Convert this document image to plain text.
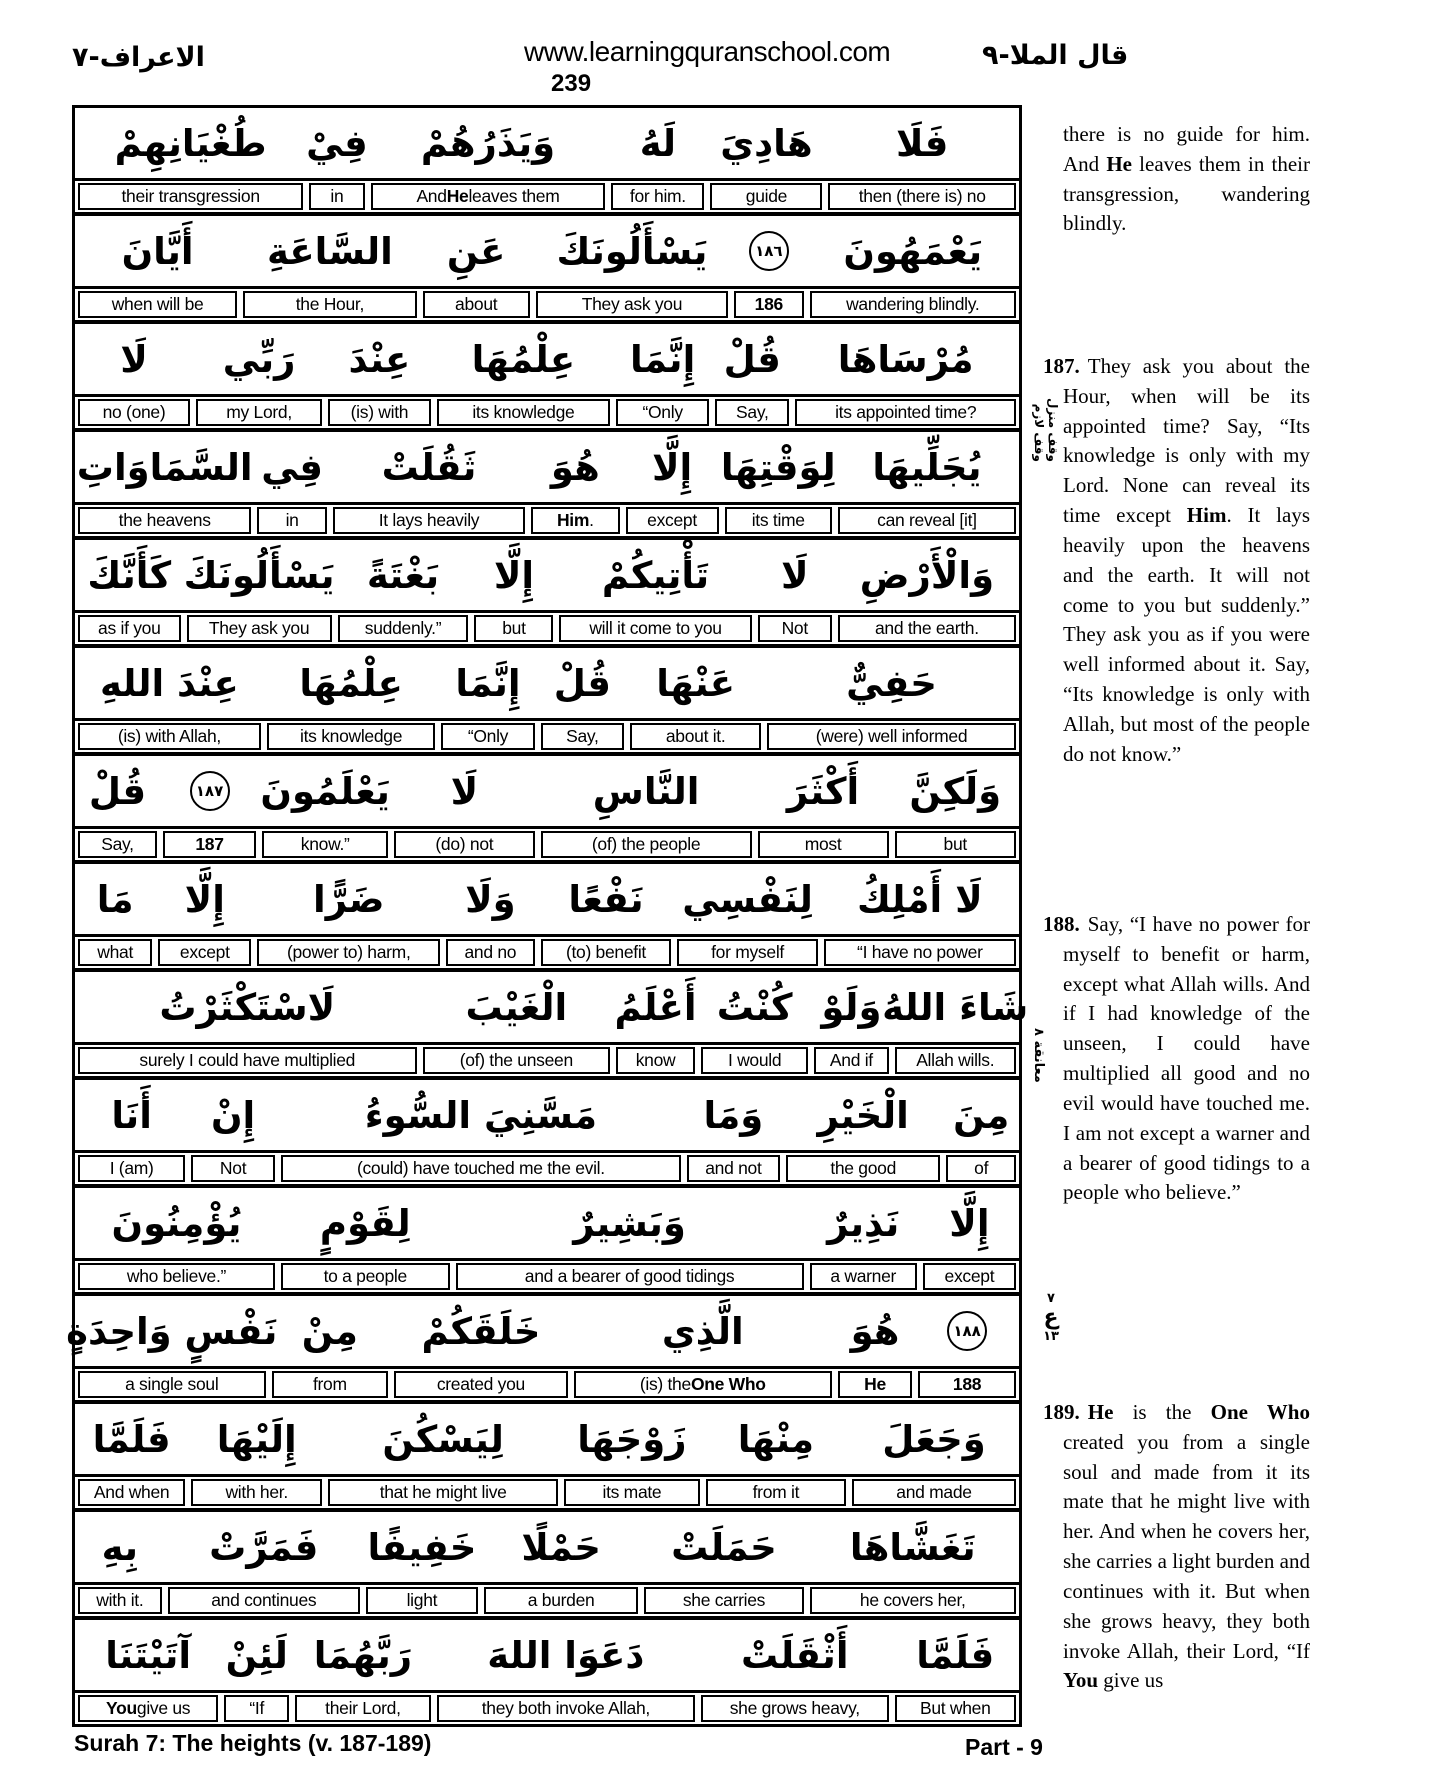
الاعراف-٧	www.learningquranschool.com
239
قال الملا-٩
طُغْيَانِهِمْ
their transgression
فِيْ
in
وَيَذَرُهُمْ
And He leaves them
لَهُ
for him.
هَادِيَ
guide
فَلَا
then (there is) no
أَيَّانَ
when will be
السَّاعَةِ
the Hour,
عَنِ
about
يَسْأَلُونَكَ
They ask you
١٨٦
186
يَعْمَهُونَ
wandering blindly.
لَا
no (one)
رَبِّي
my Lord,
عِنْدَ
(is) with
عِلْمُهَا
its knowledge
إِنَّمَا
“Only
قُلْ
Say,
مُرْسَاهَا
its appointed time?
السَّمَاوَاتِ
the heavens
فِي
in
ثَقُلَتْ
It lays heavily
هُوَ
Him .
إِلَّا
except
لِوَقْتِهَا
its time
يُجَلِّيهَا
can reveal [it]
كَأَنَّكَ
as if you
يَسْأَلُونَكَ
They ask you
بَغْتَةً
suddenly.”
إِلَّا
but
تَأْتِيكُمْ
will it come to you
لَا
Not
وَالْأَرْضِ
and the earth.
عِنْدَ اللهِ
(is) with Allah,
عِلْمُهَا
its knowledge
إِنَّمَا
“Only
قُلْ
Say,
عَنْهَا
about it.
حَفِيٌّ
(were) well informed
قُلْ
Say,
١٨٧
187
يَعْلَمُونَ
know.”
لَا
(do) not
النَّاسِ
(of) the people
أَكْثَرَ
most
وَلَكِنَّ
but
مَا
what
إِلَّا
except
ضَرًّا
(power to) harm,
وَلَا
and no
نَفْعًا
(to) benefit
لِنَفْسِي
for myself
لَا أَمْلِكُ
“I have no power
لَاسْتَكْثَرْتُ
surely I could have multiplied
الْغَيْبَ
(of) the unseen
أَعْلَمُ
know
كُنْتُ
I would
وَلَوْ
And if
شَاءَ اللهُ
Allah wills.
أَنَا
I (am)
إِنْ
Not
مَسَّنِيَ السُّوءُ
(could) have touched me the evil.
وَمَا
and not
الْخَيْرِ
the good
مِنَ
of
يُؤْمِنُونَ
who believe.”
لِقَوْمٍ
to a people
وَبَشِيرٌ
and a bearer of good tidings
نَذِيرٌ
a warner
إِلَّا
except
نَفْسٍ وَاحِدَةٍ
a single soul
مِنْ
from
خَلَقَكُمْ
created you
الَّذِي
(is) the One Who
هُوَ
He
١٨٨
188
فَلَمَّا
And when
إِلَيْهَا
with her.
لِيَسْكُنَ
that he might live
زَوْجَهَا
its mate
مِنْهَا
from it
وَجَعَلَ
and made
بِهِ
with it.
فَمَرَّتْ
and continues
خَفِيفًا
light
حَمْلًا
a burden
حَمَلَتْ
she carries
تَغَشَّاهَا
he covers her,
آتَيْتَنَا
You give us
لَئِنْ
“If
رَبَّهُمَا
their Lord,
دَعَوَا اللهَ
they both invoke Allah,
أَثْقَلَتْ
she grows heavy,
فَلَمَّا
But when
وقف منزل
وقف لازم
معانقة ٨
٧
ع
١٣
there is no guide for him. And He leaves them in their transgression, wandering blindly.
187. They ask you about the Hour, when will be its appointed time? Say, “Its knowledge is only with my Lord. None can reveal its time except Him. It lays heavily upon the heavens and the earth. It will not come to you but suddenly.” They ask you as if you were well informed about it. Say, “Its knowledge is only with Allah, but most of the people do not know.”
188. Say, “I have no power for myself to benefit or harm, except what Allah wills. And if I had knowledge of the unseen, I could have multiplied all good and no evil would have touched me. I am not except a warner and a bearer of good tidings to a people who believe.”
189. He is the One Who created you from a single soul and made from it its mate that he might live with her. And when he covers her, she carries a light burden and continues with it. But when she grows heavy, they both invoke Allah, their Lord, “If You give us
Surah 7: The heights (v. 187-189)	Part - 9
